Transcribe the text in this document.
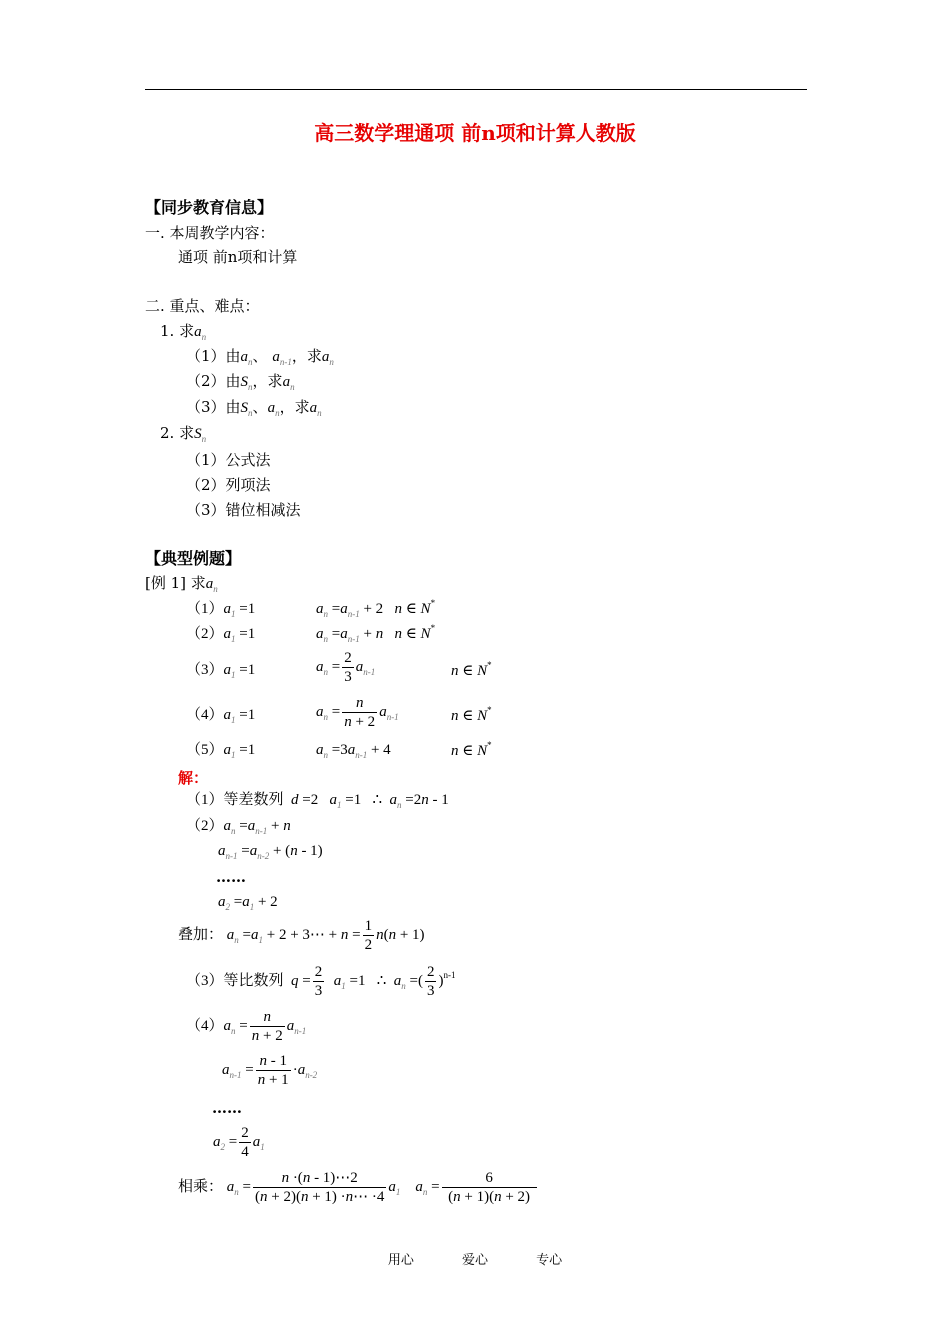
高三数学理通项 前n项和计算人教版
【同步教育信息】
一. 本周教学内容：
通项 前n项和计算
二. 重点、难点：
1. 求$a_n$
（1）由$a_n$、 $a_{n-1}$，求$a_n$
（2）由$S_n$，求$a_n$
（3）由$S_n$、$a_n$，求$a_n$
2. 求$S_n$
（1）公式法
（2）列项法
（3）错位相减法
【典型例题】
[例 1] 求$a_n$
$(1)a_1 =1$	$a_n =a_{n-1} + 2$   n ∈ N*
$(2)a_1 =1$	$a_n =a_{n-1} + n$ n ∈ N*
$(3)a_1 =1$	$a_n = \frac{2}{3} a_{n-1}$	n ∈ N*
$(4)a_1 =1$	$a_n = \frac{n}{n + 2} a_{n-1}$	n ∈ N*
$(5)a_1 =1$	$a_n =3a_{n-1} + 4$	n ∈ N*
解：
（1）等差数列 d =2   $a_1 =1$   ∴  $a_n =2n - 1$
$(2)a_n =a_{n-1} + n$
$a_{n-1} =a_{n-2} + (n - 1)$
……
$a_2 =a_1 + 2$
叠加： $a_n =a_1 + 2$ + 3⋯ + $n = \frac{1}{2} n(n + 1)$
（3）等比数列 $q = \frac{2}{3} a_1 =1$   ∴  $a_n$ =( $\frac{2}{3} )^{n-1}$
$(4)a_n = \frac{n}{n + 2} a_{n-1}$
$a_{n-1} = \frac{n - 1}{n + 1} \cdot a_{n-2}$
……
$a_2 = \frac{2}{4} a_1$
相乘： $a_n = \frac{n \cdot(n - 1)\cdots 2}{(n + 2)(n + 1) \cdot n\cdots \cdot 4} a_1$ $a_n = \frac{6}{(n + 1)(n + 2)}$
用心	爱心	专心
